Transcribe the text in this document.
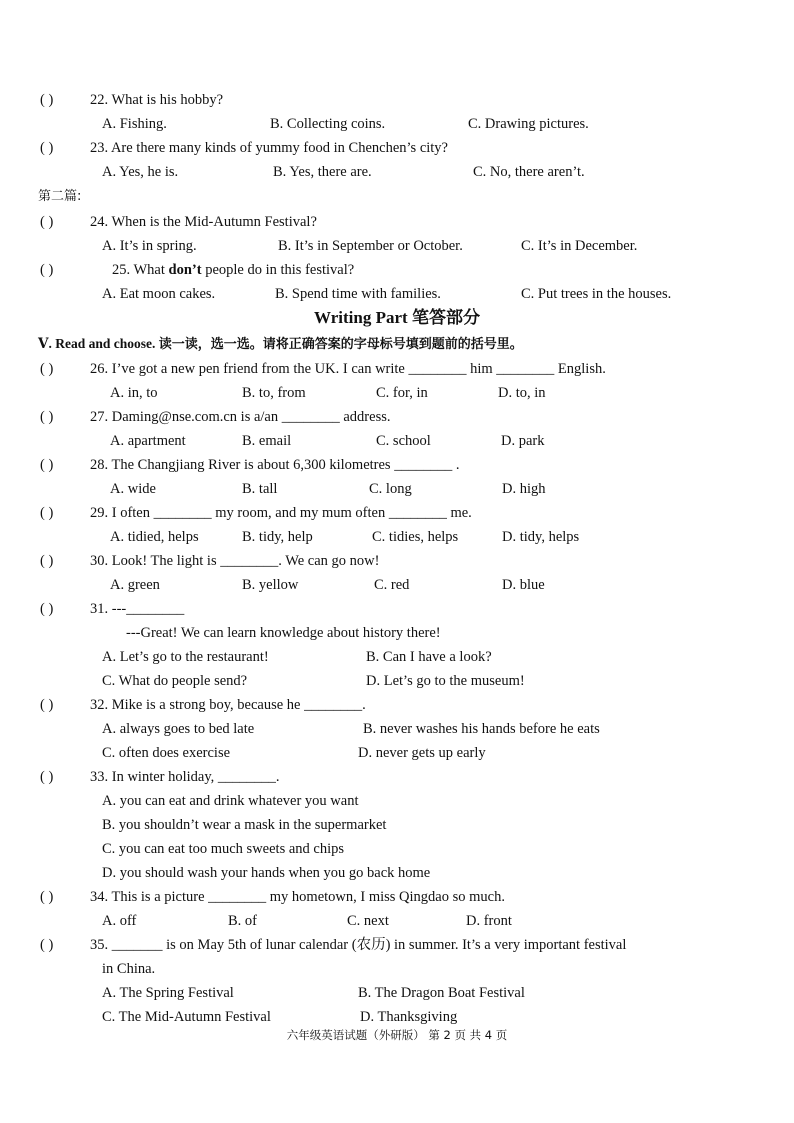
( )	22. What is his hobby?
A. Fishing.	B. Collecting coins.	C. Drawing pictures.
( )	23. Are there many kinds of yummy food in Chenchen’s city?
A. Yes, he is.	B. Yes, there are.	C. No, there aren’t.
第二篇:
( )	24. When is the Mid-Autumn Festival?
A. It’s in spring.	B. It’s in September or October.	C. It’s in December.
( )	25. What don’t people do in this festival?
A. Eat moon cakes.	B. Spend time with families.	C. Put trees in the houses.
Writing Part 笔答部分
Ⅴ. Read and choose. 读一读，选一选。请将正确答案的字母标号填到题前的括号里。
( )	26. I’ve got a new pen friend from the UK. I can write ________ him ________ English.
A. in, to	B. to, from	C. for, in	D. to, in
( )	27. Daming@nse.com.cn is a/an ________ address.
A. apartment	B. email	C. school	D. park
( )	28. The Changjiang River is about 6,300 kilometres ________ .
A. wide	B. tall	C. long	D. high
( )	29. I often ________ my room, and my mum often ________ me.
A. tidied, helps	B. tidy, help	C. tidies, helps	D. tidy, helps
( )	30. Look! The light is ________. We can go now!
A. green	B. yellow	C. red	D. blue
( )	31. ---________
---Great! We can learn knowledge about history there!
A. Let’s go to the restaurant!	B. Can I have a look?
C. What do people send?	D. Let’s go to the museum!
( )	32. Mike is a strong boy, because he ________.
A. always goes to bed late	B. never washes his hands before he eats
C. often does exercise	D. never gets up early
( )	33. In winter holiday, ________.
A. you can eat and drink whatever you want
B. you shouldn’t wear a mask in the supermarket
C. you can eat too much sweets and chips
D. you should wash your hands when you go back home
( )	34. This is a picture ________ my hometown, I miss Qingdao so much.
A. off	B. of	C. next	D. front
( )	35. _______ is on May 5th of lunar calendar (农历) in summer. It’s a very important festival
in China.
A. The Spring Festival	B. The Dragon Boat Festival
C. The Mid-Autumn Festival	D. Thanksgiving
六年级英语试题（外研版） 第 2 页 共 4 页
